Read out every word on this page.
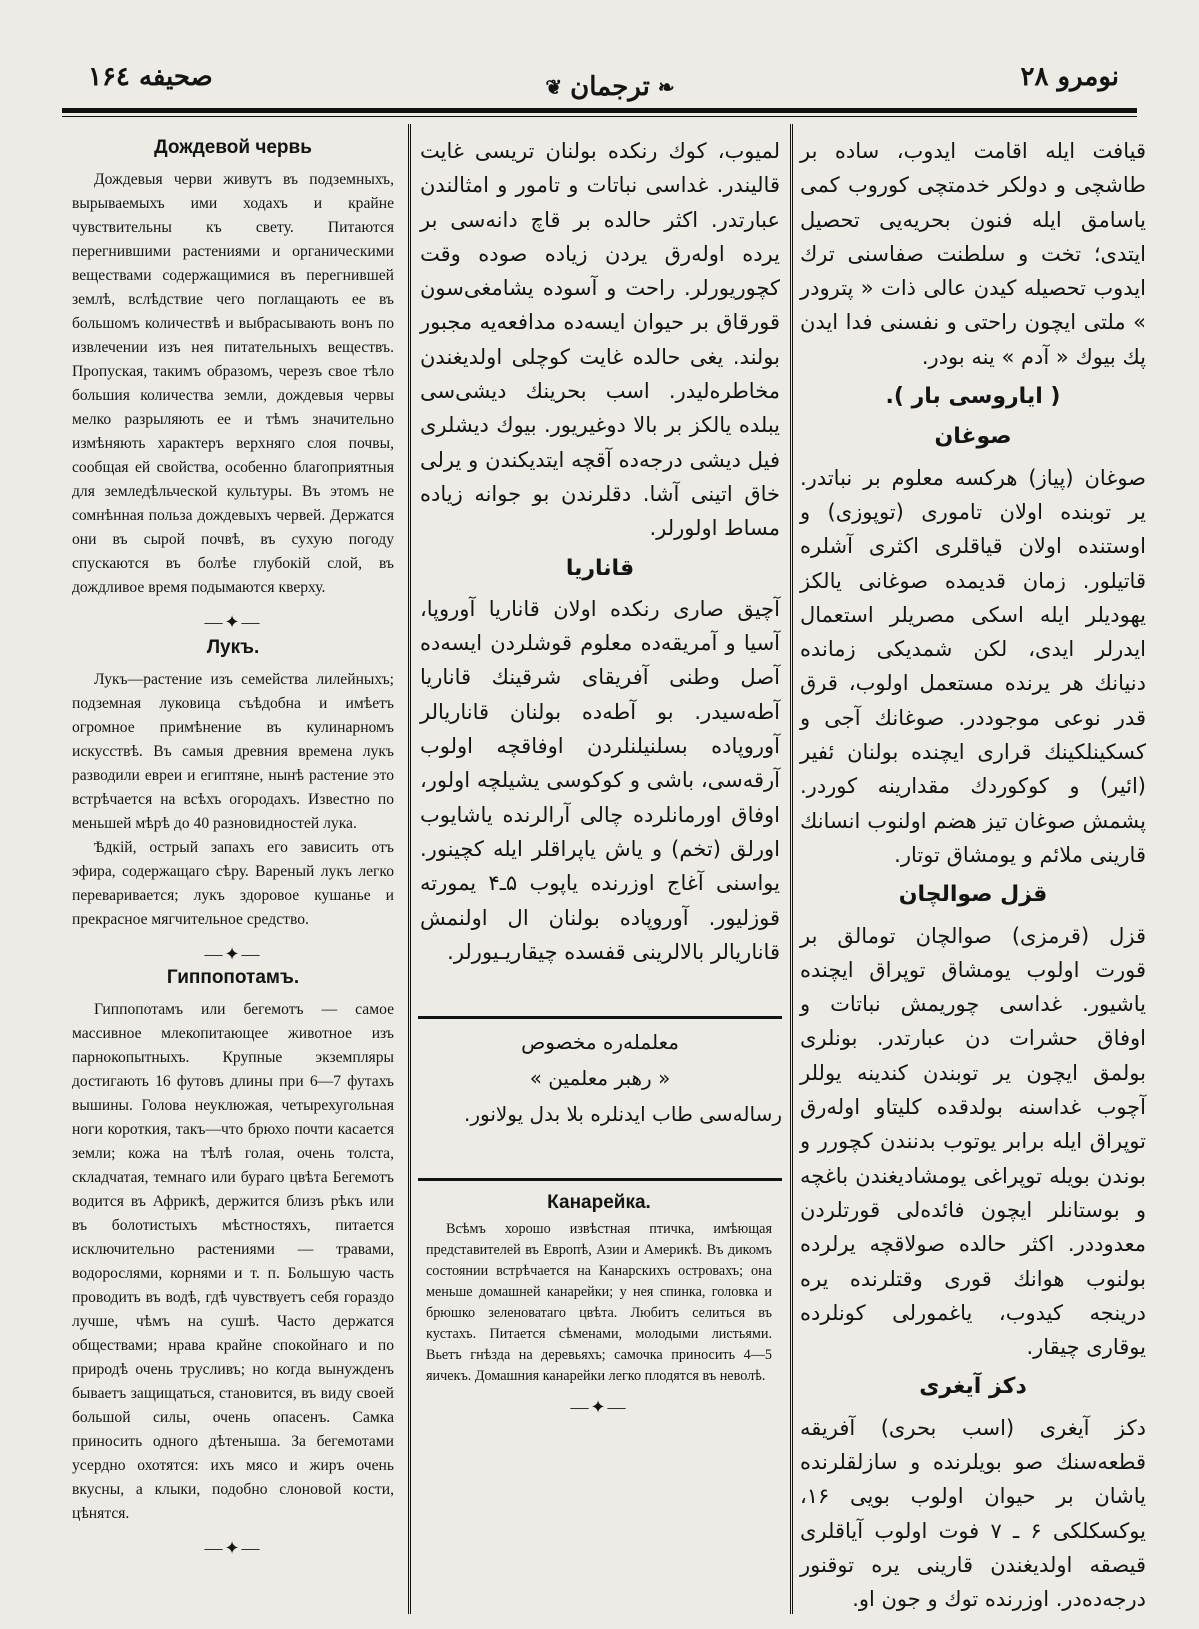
صحیفه ۱۶٤	❦ ترجمان ❧	نومرو ۲۸
Дождевой червь

Дождевыя черви живутъ въ подземныхъ, вырываемыхъ ими ходахъ и крайне чувствительны къ свету. Питаются перегнившими растениями и органическими веществами содержащимися въ перегнившей землѣ, вслѣдствие чего поглащають ее въ большомъ количествѣ и выбрасывають вонъ по извлечении изъ нея питательныхъ веществъ. Пропуская, такимъ образомъ, черезъ свое тѣло большия количества земли, дождевыя червы мелко разрыляють ее и тѣмъ значительно измѣняють характеръ верхняго слоя почвы, сообщая ей свойства, особенно благоприятныя для земледѣльческой культуры. Въ этомъ не сомнѣнная польза дождевыхъ червей. Держатся они въ сырой почвѣ, въ сухую погоду спускаются въ болѣе глубокій слой, въ дождливое время подымаются кверху.

—✦—
Лукъ.

Лукъ—растение изъ семейства лилейныхъ; подземная луковица съѣдобна и имѣетъ огромное примѣнение въ кулинарномъ искусствѣ. Въ самыя древния времена лукъ разводили евреи и египтяне, нынѣ растение это встрѣчается на всѣхъ огородахъ. Известно по меньшей мѣрѣ до 40 разновидностей лука.

Ѣдкій, острый запахъ его зависить отъ эфира, содержащаго сѣру. Вареный лукъ легко переваривается; лукъ здоровое кушанье и прекрасное мягчительное средство.

—✦—
Гиппопотамъ.

Гиппопотамъ или бегемотъ — самое массивное млекопитающее животное изъ парнокопытныхъ. Крупные экземпляры достигають 16 футовъ длины при 6—7 футахъ вышины. Голова неуклюжая, четырехугольная ноги короткия, такъ—что брюхо почти касается земли; кожа на тѣлѣ голая, очень толста, складчатая, темнаго или бураго цвѣта Бегемотъ водится въ Африкѣ, держится близъ рѣкъ или въ болотистыхъ мѣстностяхъ, питается исключительно растениями — травами, водорослями, корнями и т. п. Большую часть проводить въ водѣ, гдѣ чувствуетъ себя гораздо лучше, чѣмъ на сушѣ. Часто держатся обществами; нрава крайне спокойнаго и по природѣ очень трусливъ; но когда вынужденъ бываетъ защищаться, становится, въ виду своей большой силы, очень опасенъ. Самка приносить одного дѣтеныша. За бегемотами усердно охотятся: ихъ мясо и жиръ очень вкусны, а клыки, подобно слоновой кости, цѣнятся.

—✦—

لمیوب، کوك رنکده بولنان تریسی غایت قالیندر. غداسی نباتات و تامور و امثالندن عبارتدر. اکثر حالده بر قاچ دانه‌سی بر یرده اوله‌رق یردن زیاده صوده وقت کچوریورلر. راحت و آسوده یشامغی‌سون قورقاق بر حیوان ایسه‌ده مدافعه‌یه مجبور بولند. یغی حالده غایت کوچلی اولدیغندن مخاطره‌لیدر. اسب بحرینك دیشی‌سی یبلده یالکز بر بالا دوغیریور. بیوك دیشلری فیل دیشی درجه‌ده آقچه ایتدیکندن و یرلی خاق اتینی آشا. دقلرندن بو جوانه زیاده مساط اولورلر.

قاناریا

آچیق صاری رنکده اولان قاناریا آوروپا، آسیا و آمریقه‌ده معلوم قوشلردن ایسه‌ده آصل وطنی آفریقای شرقینك قاناریا آطه‌سیدر. بو آطه‌ده بولنان قاناریالر آوروپاده بسلنیلنلردن اوفاقچه اولوب آرقه‌سی، باشی و کوکوسی یشیلچه اولور، اوفاق اورمانلرده چالی آرالرنده یاشایوب اورلق (تخم) و یاش یاپراقلر ایله کچینور. یواسنی آغاج اوزرنده یاپوب ۵ـ۴ یمورته قوزلیور. آوروپاده بولنان ال اولنمش قاناریالر بالالرینی قفسده چیقاریـیورلر.

معلمله‌ره مخصوص
« رهبر معلمین »
رساله‌سی طاب ایدنلره بلا بدل یولانور.
Канарейка.

Всѣмъ хорошо извѣстная птичка, имѣющая представителей въ Европѣ, Азии и Америкѣ. Въ дикомъ состоянии встрѣчается на Канарскихъ островахъ; она меньше домашней канарейки; у нея спинка, головка и брюшко зеленоватаго цвѣта. Любитъ селиться въ кустахъ. Питается сѣменами, молодыми листьями. Вьетъ гнѣзда на деревьяхъ; самочка приносить 4—5 яичекъ. Домашния канарейки легко плодятся въ неволѣ.

—✦—

قیافت ایله اقامت ایدوب، ساده بر طاشچی و دولکر خدمتچی کوروب کمی یاسامق ایله فنون بحریه‌یی تحصیل ایتدی؛ تخت و سلطنت صفاسنی ترك ایدوب تحصیله کیدن عالی ذات « پترودر » ملتی ایچون راحتی و نفسنی فدا ایدن پك بیوك « آدم » ینه بودر.

( ایاروسی بار ).
صوغان

صوغان (پیاز) هرکسه معلوم بر نباتدر. یر توبنده اولان تاموری (توپوزی) و اوستنده اولان قیاقلری اکثری آشلره قاتیلور. زمان قدیمده صوغانی یالکز یهودیلر ایله اسکی مصریلر استعمال ایدرلر ایدی، لکن شمدیکی زمانده دنیانك هر یرنده مستعمل اولوب، قرق قدر نوعی موجوددر. صوغانك آجی و کسکینلکینك قراری ایچنده بولنان ئفیر (ائیر) و کوکوردك مقدارینه کوردر. پشمش صوغان تیز هضم اولنوب انسانك قارینی ملائم و یومشاق توتار.

قزل صوالچان

قزل (قرمزی) صوالچان تومالق بر قورت اولوب یومشاق توپراق ایچنده یاشیور. غداسی چوریمش نباتات و اوفاق حشرات دن عبارتدر. بونلری بولمق ایچون یر توبندن کندینه یوللر آچوب غداسنه بولدقده کلیتاو اوله‌رق توپراق ایله برابر یوتوب بدنندن کچورر و بوندن بویله توپراغی یومشادیغندن باغچه و بوستانلر ایچون فائده‌لی قورتلردن معدوددر. اکثر حالده صولاقچه یرلرده بولنوب هوانك قوری وقتلرنده یره درینجه کیدوب، یاغمورلی کونلرده یوقاری چیقار.

دکز آیغری

دکز آیغری (اسب بحری) آفریقه قطعه‌سنك صو بویلرنده و سازلقلرنده یاشان بر حیوان اولوب بویی ۱۶، یوکسکلکی ۶ ـ ۷ فوت اولوب آیاقلری قیصقه اولدیغندن قارینی یره توقنور درجه‌ده‌در. اوزرنده توك و جون او.
